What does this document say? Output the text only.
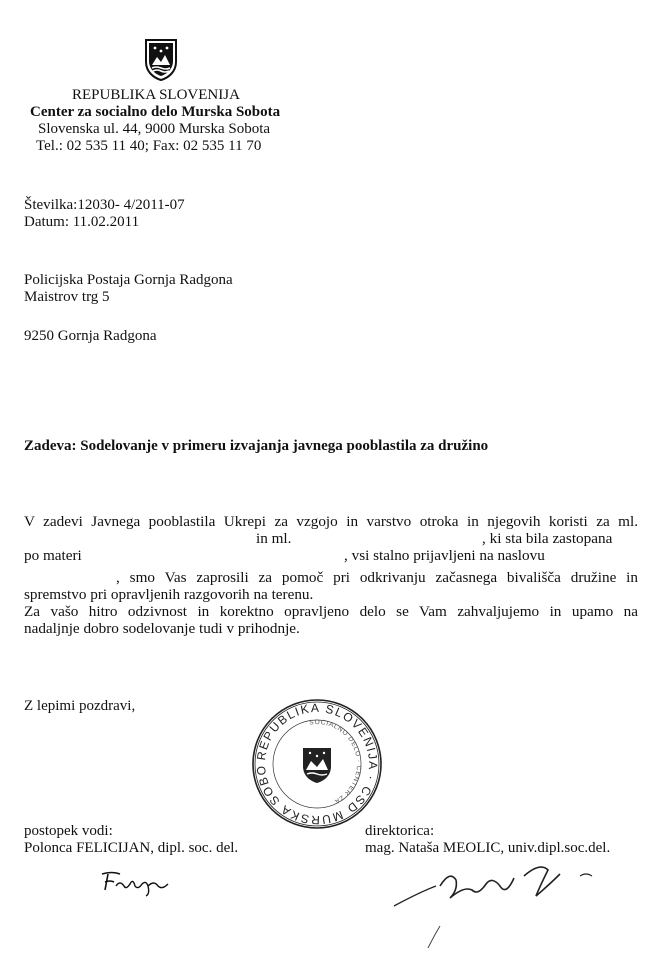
REPUBLIKA SLOVENIJA
Center za socialno delo Murska Sobota
Slovenska ul. 44, 9000 Murska Sobota
Tel.: 02 535 11 40; Fax: 02 535 11 70
Številka:12030- 4/2011-07
Datum: 11.02.2011
Policijska Postaja Gornja Radgona
Maistrov trg 5
9250 Gornja Radgona
Zadeva: Sodelovanje v primeru izvajanja javnega pooblastila za družino
V zadevi Javnega pooblastila Ukrepi za vzgojo in varstvo otroka in njegovih koristi za ml.
in ml.	, ki sta bila zastopana
po materi	, vsi stalno prijavljeni na naslovu
, smo Vas zaprosili za pomoč pri odkrivanju začasnega bivališča družine in
spremstvo pri opravljenih razgovorih na terenu.
Za vašo hitro odzivnost in korektno opravljeno delo se Vam zahvaljujemo in upamo na
nadaljnje dobro sodelovanje tudi v prihodnje.
Z lepimi pozdravi,
REPUBLIKA SLOVENIJA · CSD MURSKA SOBO
SOCIALNO DELO · CENTER ZA
postopek vodi:
Polonca FELICIJAN, dipl. soc. del.
direktorica:
mag. Nataša MEOLIC, univ.dipl.soc.del.
